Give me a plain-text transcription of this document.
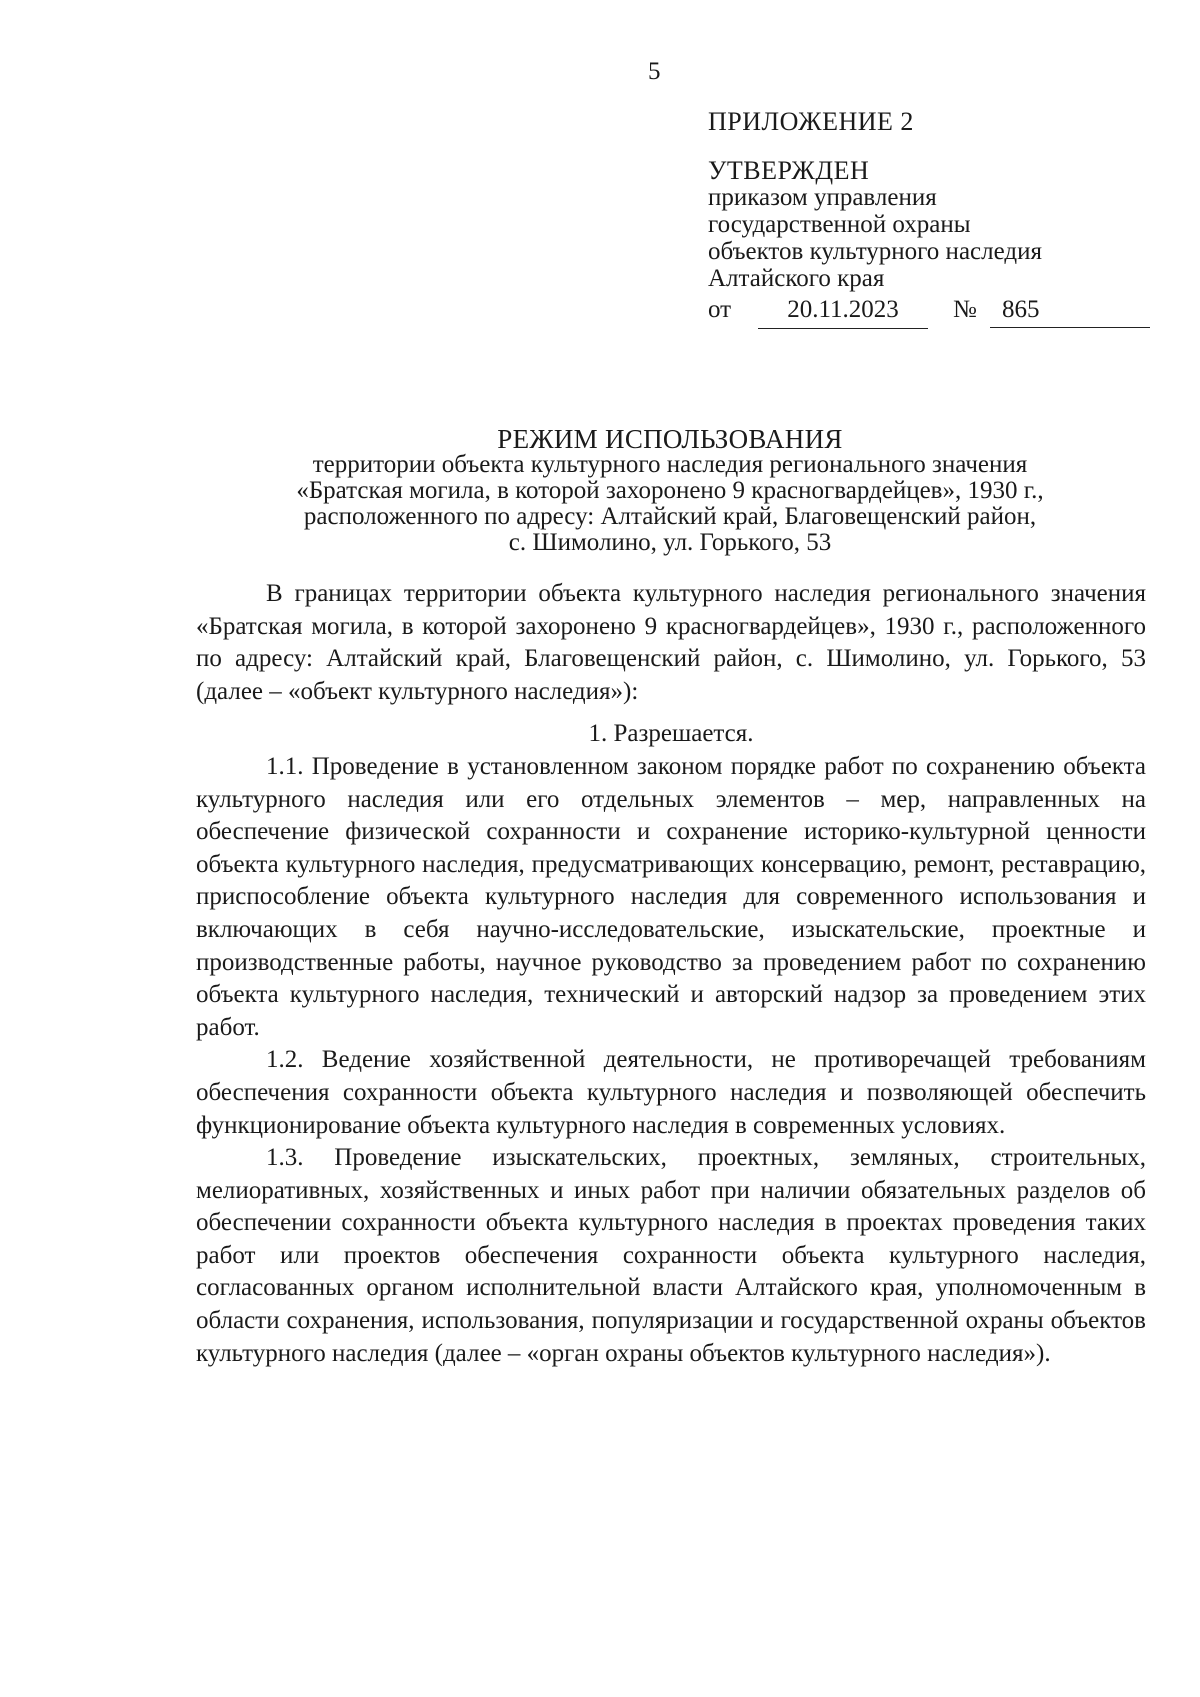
5
ПРИЛОЖЕНИЕ 2
УТВЕРЖДЕН
приказом управления
государственной охраны
объектов культурного наследия
Алтайского края
от	20.11.2023	№	865
РЕЖИМ ИСПОЛЬЗОВАНИЯ
территории объекта культурного наследия регионального значения
«Братская могила, в которой захоронено 9 красногвардейцев», 1930 г.,
расположенного по адресу: Алтайский край, Благовещенский район,
с. Шимолино, ул. Горького, 53

В границах территории объекта культурного наследия регионального значения «Братская могила, в которой захоронено 9 красногвардейцев», 1930 г., расположенного по адресу: Алтайский край, Благовещенский район, с. Шимолино, ул. Горького, 53 (далее – «объект культурного наследия»):

1. Разрешается.

1.1. Проведение в установленном законом порядке работ по сохранению объекта культурного наследия или его отдельных элементов – мер, направленных на обеспечение физической сохранности и сохранение историко-культурной ценности объекта культурного наследия, предусматривающих консервацию, ремонт, реставрацию, приспособление объекта культурного наследия для современного использования и включающих в себя научно-исследовательские, изыскательские, проектные и производственные работы, научное руководство за проведением работ по сохранению объекта культурного наследия, технический и авторский надзор за проведением этих работ.

1.2. Ведение хозяйственной деятельности, не противоречащей требованиям обеспечения сохранности объекта культурного наследия и позволяющей обеспечить функционирование объекта культурного наследия в современных условиях.

1.3. Проведение изыскательских, проектных, земляных, строительных, мелиоративных, хозяйственных и иных работ при наличии обязательных разделов об обеспечении сохранности объекта культурного наследия в проектах проведения таких работ или проектов обеспечения сохранности объекта культурного наследия, согласованных органом исполнительной власти Алтайского края, уполномоченным в области сохранения, использования, популяризации и государственной охраны объектов культурного наследия (далее – «орган охраны объектов культурного наследия»).
